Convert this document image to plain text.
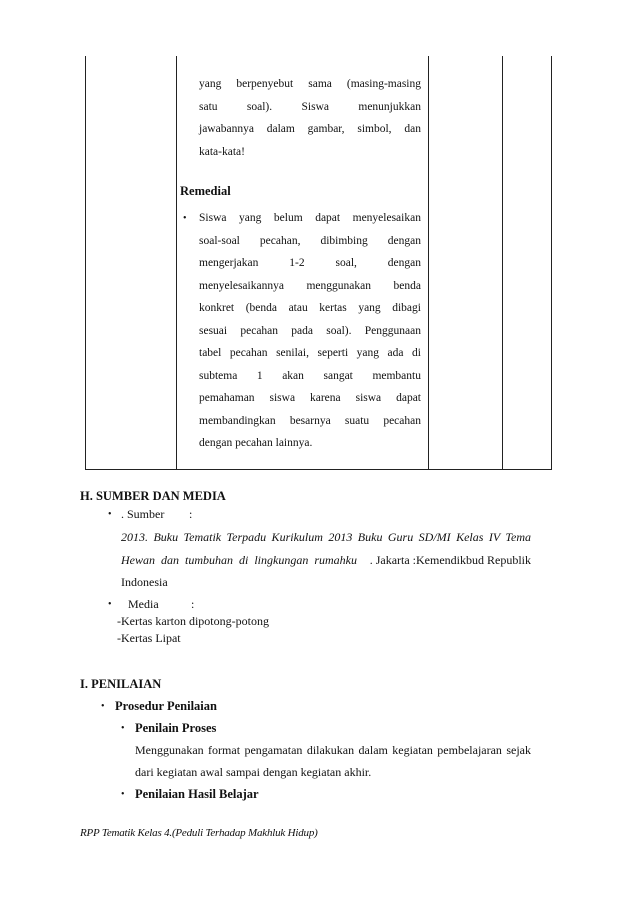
yang berpenyebut sama (masing-masing
satu	soal).	Siswa	menunjukkan
jawabannya dalam gambar, simbol, dan
kata-kata!
Remedial
• Siswa yang belum dapat menyelesaikan
soal-soal pecahan, dibimbing dengan
mengerjakan	1-2	soal,	dengan
menyelesaikannya menggunakan benda
konkret (benda atau kertas yang dibagi
sesuai pecahan pada soal). Penggunaan
tabel pecahan senilai, seperti yang ada di
subtema 1 akan sangat membantu
pemahaman siswa karena siswa dapat
membandingkan besarnya suatu pecahan
dengan pecahan lainnya.
H. SUMBER DAN MEDIA
• . Sumber :
2013. Buku Tematik Terpadu Kurikulum 2013 Buku Guru SD/MI Kelas IV Tema
Hewan dan tumbuhan di lingkungan rumahku . Jakarta :Kemendikbud Republik
Indonesia
• Media	:
-Kertas karton dipotong-potong
-Kertas Lipat
I. PENILAIAN
• Prosedur Penilaian
• Penilain Proses
Menggunakan format pengamatan dilakukan dalam kegiatan pembelajaran sejak
dari kegiatan awal sampai dengan kegiatan akhir.
• Penilaian Hasil Belajar
RPP Tematik Kelas 4.(Peduli Terhadap Makhluk Hidup)
